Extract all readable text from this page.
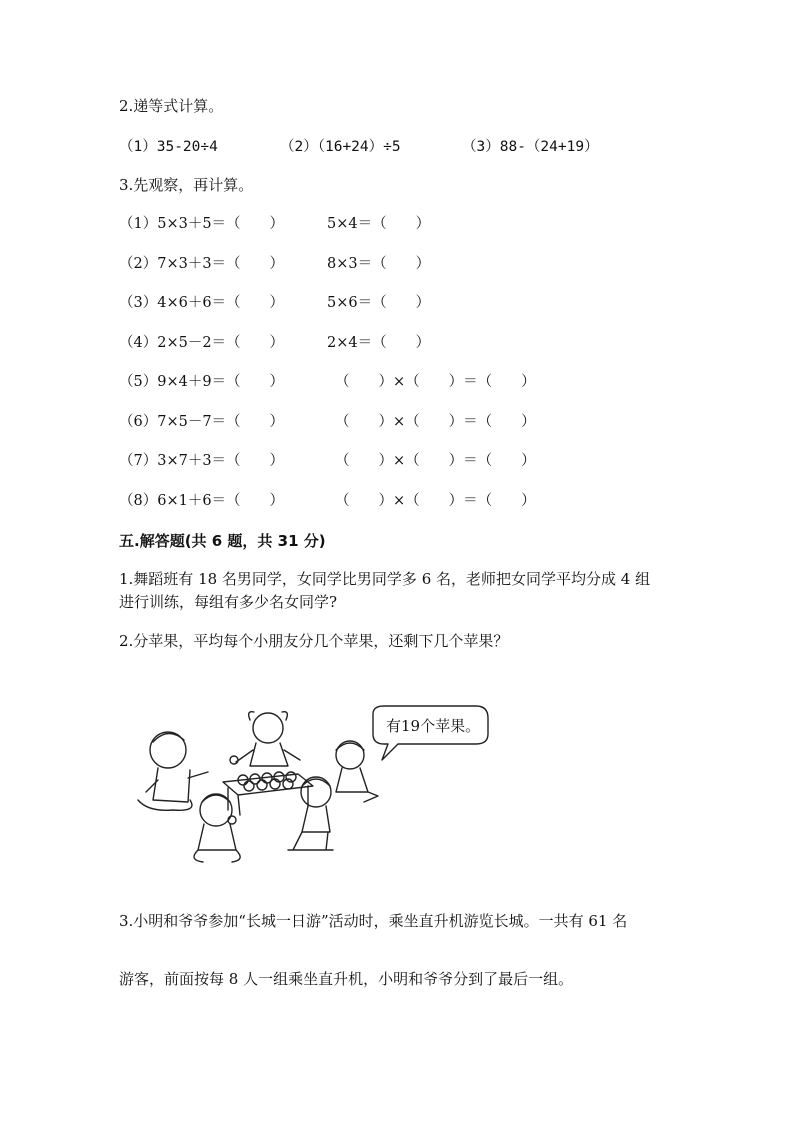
2.递等式计算。
（1）35-20÷4	（2）（16+24）÷5	（3）88-（24+19）
3.先观察，再计算。
（1）5×3＋5＝（　　）	5×4＝（　　）
（2）7×3＋3＝（　　）	8×3＝（　　）
（3）4×6＋6＝（　　）	5×6＝（　　）
（4）2×5－2＝（　　）	2×4＝（　　）
（5）9×4＋9＝（　　）	（　　）×（　　）＝（　　）
（6）7×5－7＝（　　）	（　　）×（　　）＝（　　）
（7）3×7＋3＝（　　）	（　　）×（　　）＝（　　）
（8）6×1＋6＝（　　）	（　　）×（　　）＝（　　）
五.解答题(共 6 题，共 31 分)
1.舞蹈班有 18 名男同学，女同学比男同学多 6 名，老师把女同学平均分成 4 组
进行训练，每组有多少名女同学?
2.分苹果，平均每个小朋友分几个苹果，还剩下几个苹果？
有19个苹果。
3.小明和爷爷参加“长城一日游”活动时，乘坐直升机游览长城。一共有 61 名
游客，前面按每 8 人一组乘坐直升机，小明和爷爷分到了最后一组。
